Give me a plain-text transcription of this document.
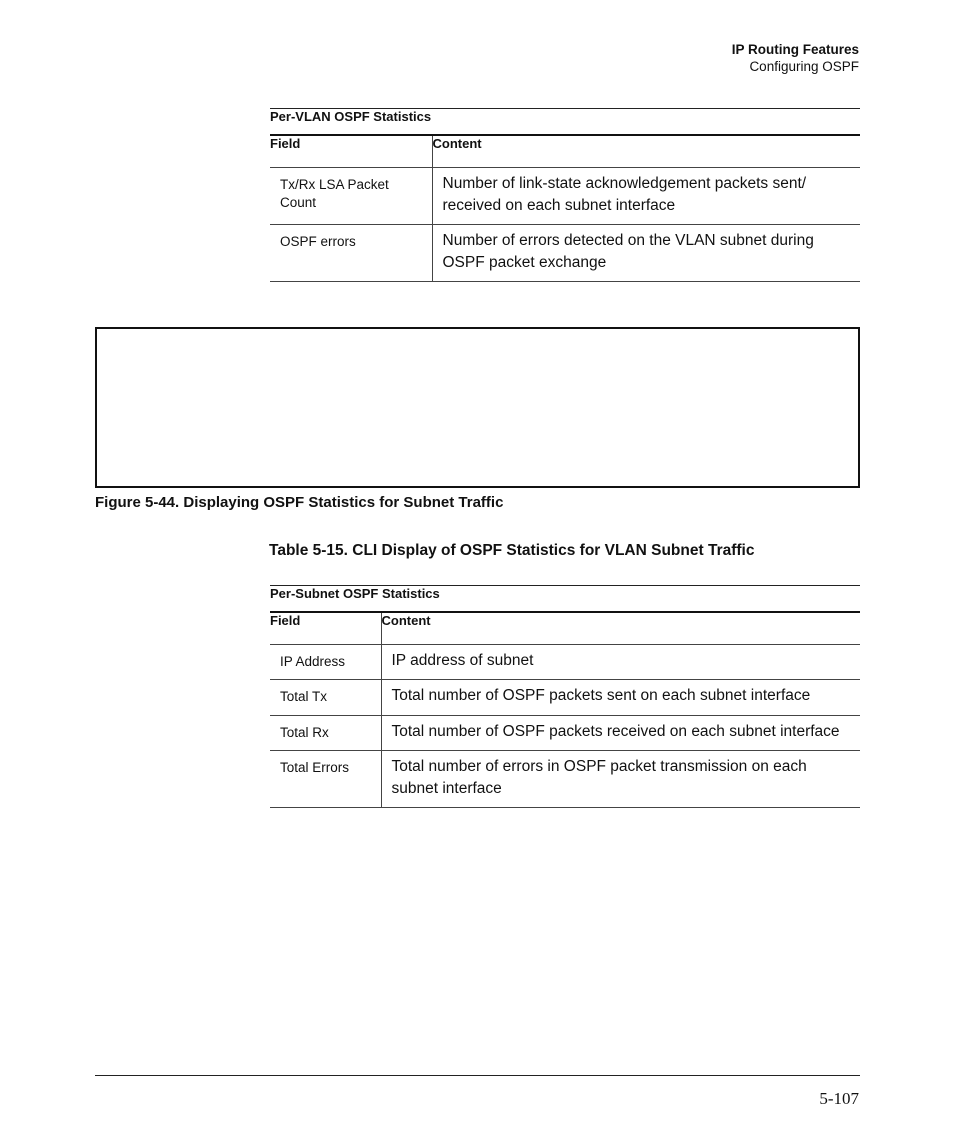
IP Routing Features
Configuring OSPF
Per-VLAN OSPF Statistics	
Field	Content
Tx/Rx LSA Packet Count	Number of link-state acknowledgement packets sent/ received on each subnet interface
OSPF errors	Number of errors detected on the VLAN subnet during OSPF packet exchange
Figure 5-44. Displaying OSPF Statistics for Subnet Traffic
Table 5-15. CLI Display of OSPF Statistics for VLAN Subnet Traffic
Per-Subnet OSPF Statistics	
Field	Content
IP Address	IP address of subnet
Total Tx	Total number of OSPF packets sent on each subnet interface
Total Rx	Total number of OSPF packets received on each subnet interface
Total Errors	Total number of errors in OSPF packet transmission on each subnet interface
5-107
